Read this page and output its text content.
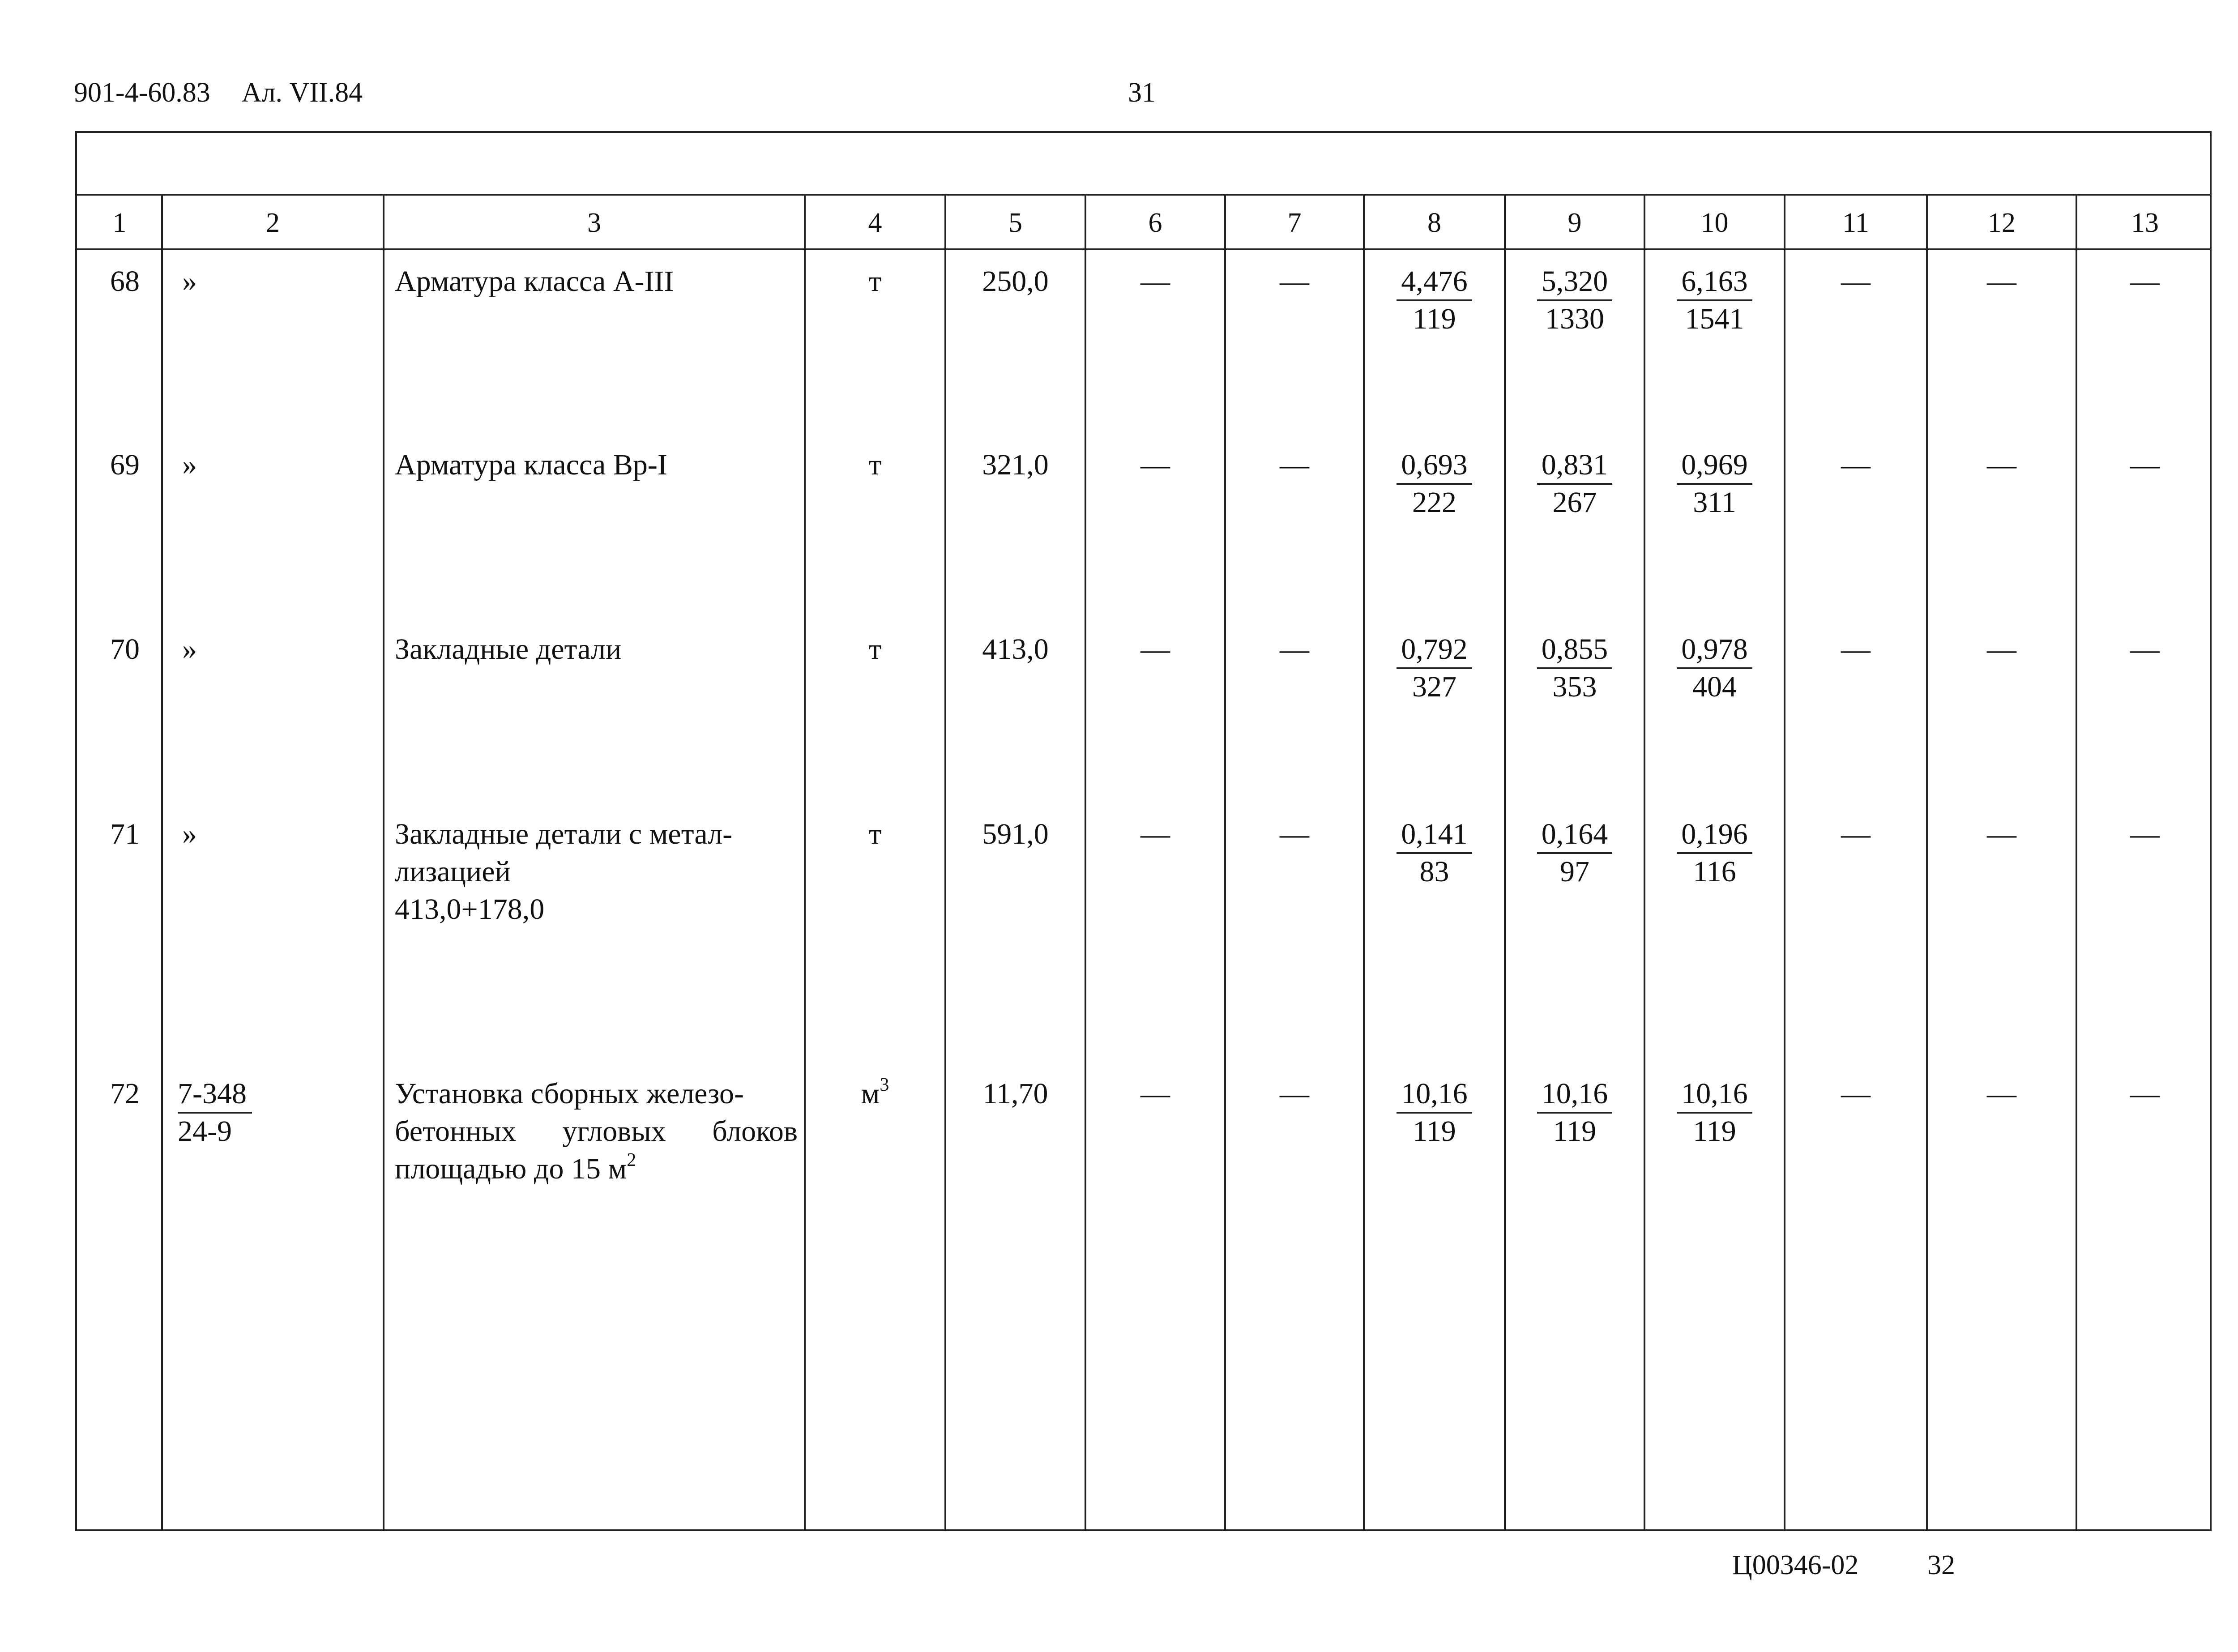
901-4-60.83 Ал. VII.84	31
1	2	3	4	5	6	7	8	9	10	11	12	13
68 »	Арматура класса А-III	т	250,0	—	—	$\frac{4,476}{119} \frac{5,320}{1330} \frac{6,163}{1541}$	—	—	—
69 »	Арматура класса Вр-I	т	321,0	—	—	$\frac{0,693}{222} \frac{0,831}{267} \frac{0,969}{311}$	—	—	—
70 »	Закладные детали	т	413,0	—	—	$\frac{0,792}{327} \frac{0,855}{353} \frac{0,978}{404}$	—	—	—
71 »	Закладные детали с метал-
лизацией
413,0+178,0
т	591,0	—	—	$\frac{0,141}{83} \frac{0,164}{97} \frac{0,196}{116}$	—	—	—
$72 \frac{7-348}{24-9}$	Установка сборных железо-
бетонных угловых блоков
площадью до 15 $м^2$
$м^3$	11,70	—	—	$\frac{10,16}{119} \frac{10,16}{119} \frac{10,16}{119}$	—	—	—
Ц00346-02 32
